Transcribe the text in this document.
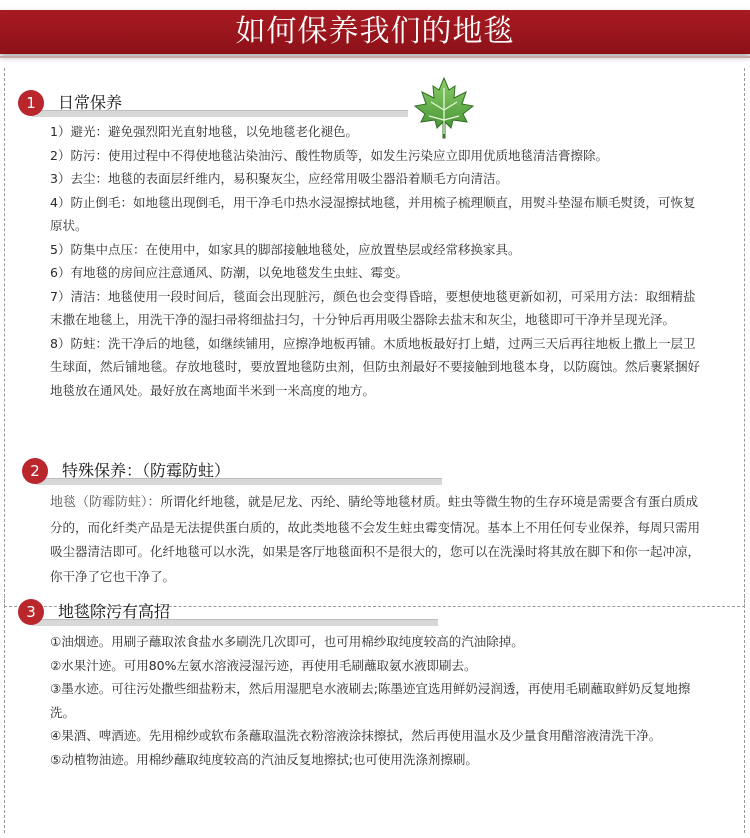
如何保养我们的地毯
1	日常保养

1）避光：避免强烈阳光直射地毯，以免地毯老化褪色。

2）防污：使用过程中不得使地毯沾染油污、酸性物质等，如发生污染应立即用优质地毯清洁膏擦除。

3）去尘：地毯的表面层纤维内，易积聚灰尘，应经常用吸尘器沿着顺毛方向清洁。

4）防止倒毛：如地毯出现倒毛，用干净毛巾热水浸湿擦拭地毯，并用梳子梳理顺直，用熨斗垫湿布顺毛熨烫，可恢复原状。

5）防集中点压：在使用中，如家具的脚部接触地毯处，应放置垫层或经常移换家具。

6）有地毯的房间应注意通风、防潮，以免地毯发生虫蛀、霉变。

7）清洁：地毯使用一段时间后，毯面会出现脏污，颜色也会变得昏暗，要想使地毯更新如初，可采用方法：取细精盐末撒在地毯上，用洗干净的湿扫帚将细盐扫匀，十分钟后再用吸尘器除去盐末和灰尘，地毯即可干净并呈现光泽。

8）防蛀：洗干净后的地毯，如继续铺用，应擦净地板再铺。木质地板最好打上蜡，过两三天后再往地板上撒上一层卫生球面，然后铺地毯。存放地毯时，要放置地毯防虫剂，但防虫剂最好不要接触到地毯本身，以防腐蚀。然后裹紧捆好地毯放在通风处。最好放在离地面半米到一米高度的地方。

2	特殊保养：（防霉防蛀）

地毯（防霉防蛀）：所谓化纤地毯，就是尼龙、丙纶、腈纶等地毯材质。蛀虫等微生物的生存环境是需要含有蛋白质成分的，而化纤类产品是无法提供蛋白质的，故此类地毯不会发生蛀虫霉变情况。基本上不用任何专业保养，每周只需用吸尘器清洁即可。化纤地毯可以水洗，如果是客厅地毯面积不是很大的，您可以在洗澡时将其放在脚下和你一起冲凉，你干净了它也干净了。

3	地毯除污有高招

①油烟迹。用刷子蘸取浓食盐水多刷洗几次即可，也可用棉纱取纯度较高的汽油除掉。

②水果汁迹。可用80%左氨水溶液浸湿污迹，再使用毛刷蘸取氨水液即刷去。

③墨水迹。可往污处撒些细盐粉末，然后用湿肥皂水液刷去;陈墨迹宜选用鲜奶浸润透，再使用毛刷蘸取鲜奶反复地擦洗。

④果酒、啤酒迹。先用棉纱或软布条蘸取温洗衣粉溶液涂抹擦拭，然后再使用温水及少量食用醋溶液清洗干净。

⑤动植物油迹。用棉纱蘸取纯度较高的汽油反复地擦拭;也可使用洗涤剂擦刷。
